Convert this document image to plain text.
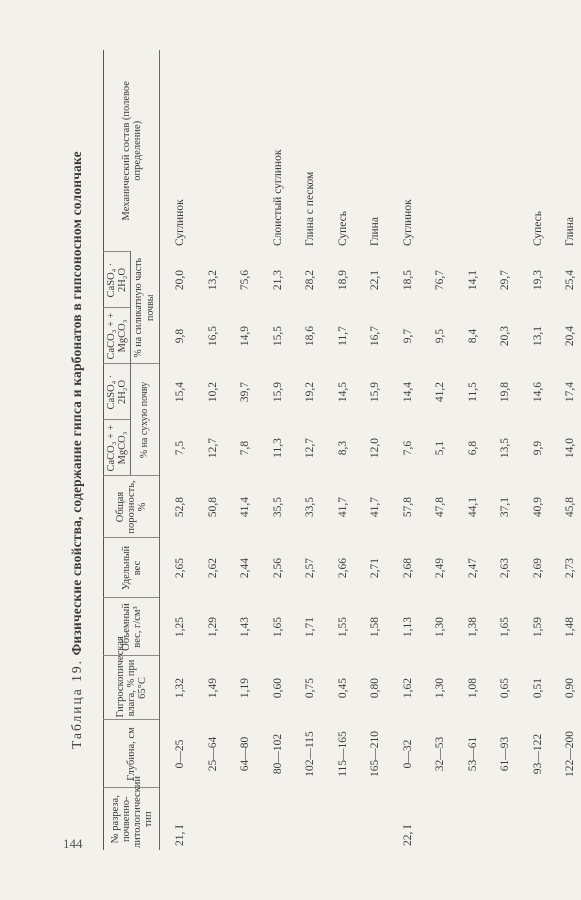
144
Таблица 19. Физические свойства, содержание гипса и карбонатов в гипсоносном солончаке
№ разреза, почвенно-литологический тип	Глубина, см	Гигроскопическая влага, % при 65°С	Объемный вес, г/см³	Удельный вес	Общая порозность, %	CaCO₃ + + MgCO₃	CaSO₄ · 2H₂O	CaCO₃ + + MgCO₃	CaSO₄ · 2H₂O	Механический состав (полевое определение)
						% на сухую почву		% на силикатную часть почвы		
21, I	0—25	1,32	1,25	2,65	52,8	7,5	15,4	9,8	20,0	Суглинок
	25—64	1,49	1,29	2,62	50,8	12,7	10,2	16,5	13,2	
	64—80	1,19	1,43	2,44	41,4	7,8	39,7	14,9	75,6	
	80—102	0,60	1,65	2,56	35,5	11,3	15,9	15,5	21,3	Слоистый суглинок
	102—115	0,75	1,71	2,57	33,5	12,7	19,2	18,6	28,2	Глина с песком
	115—165	0,45	1,55	2,66	41,7	8,3	14,5	11,7	18,9	Супесь
	165—210	0,80	1,58	2,71	41,7	12,0	15,9	16,7	22,1	Глина
22, I	0—32	1,62	1,13	2,68	57,8	7,6	14,4	9,7	18,5	Суглинок
	32—53	1,30	1,30	2,49	47,8	5,1	41,2	9,5	76,7	
	53—61	1,08	1,38	2,47	44,1	6,8	11,5	8,4	14,1	
	61—93	0,65	1,65	2,63	37,1	13,5	19,8	20,3	29,7	
	93—122	0,51	1,59	2,69	40,9	9,9	14,6	13,1	19,3	Супесь
	122—200	0,90	1,48	2,73	45,8	14,0	17,4	20,4	25,4	Глина
